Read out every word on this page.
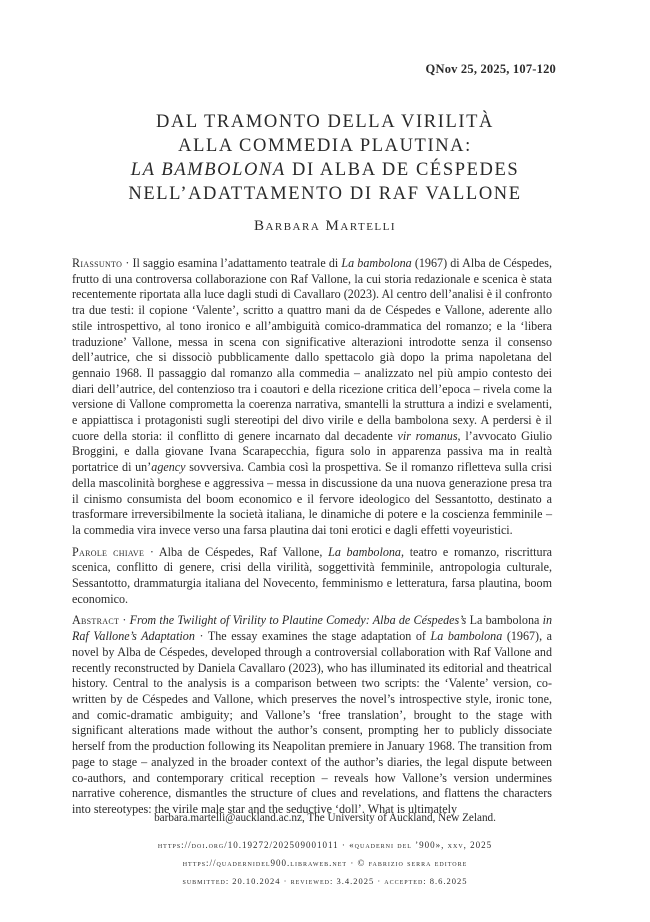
QNov 25, 2025, 107-120
DAL TRAMONTO DELLA VIRILITÀ
ALLA COMMEDIA PLAUTINA:
LA BAMBOLONA DI ALBA DE CÉSPEDES
NELL’ADATTAMENTO DI RAF VALLONE
Barbara Martelli

Riassunto · Il saggio esamina l’adattamento teatrale di La bambolona (1967) di Alba de Céspedes, frutto di una controversa collaborazione con Raf Vallone, la cui storia redazionale e scenica è stata recentemente riportata alla luce dagli studi di Cavallaro (2023). Al centro dell’analisi è il confronto tra due testi: il copione ‘Valente’, scritto a quattro mani da de Céspedes e Vallone, aderente allo stile introspettivo, al tono ironico e all’ambiguità comico-drammatica del romanzo; e la ‘libera traduzione’ Vallone, messa in scena con significative alterazioni introdotte senza il consenso dell’autrice, che si dissociò pubblicamente dallo spettacolo già dopo la prima napoletana del gennaio 1968. Il passaggio dal romanzo alla commedia – analizzato nel più ampio contesto dei diari dell’autrice, del contenzioso tra i coautori e della ricezione critica dell’epoca – rivela come la versione di Vallone comprometta la coerenza narrativa, smantelli la struttura a indizi e svelamenti, e appiattisca i protagonisti sugli stereotipi del divo virile e della bambolona sexy. A perdersi è il cuore della storia: il conflitto di genere incarnato dal decadente vir romanus, l’avvocato Giulio Broggini, e dalla giovane Ivana Scarapecchia, figura solo in apparenza passiva ma in realtà portatrice di un’agency sovversiva. Cambia così la prospettiva. Se il romanzo rifletteva sulla crisi della mascolinità borghese e aggressiva – messa in discussione da una nuova generazione presa tra il cinismo consumista del boom economico e il fervore ideologico del Sessantotto, destinato a trasformare irreversibilmente la società italiana, le dinamiche di potere e la coscienza femminile – la commedia vira invece verso una farsa plautina dai toni erotici e dagli effetti voyeuristici.

Parole chiave · Alba de Céspedes, Raf Vallone, La bambolona, teatro e romanzo, riscrittura scenica, conflitto di genere, crisi della virilità, soggettività femminile, antropologia culturale, Sessantotto, drammaturgia italiana del Novecento, femminismo e letteratura, farsa plautina, boom economico.

Abstract · From the Twilight of Virility to Plautine Comedy: Alba de Céspedes’s La bambolona in Raf Vallone’s Adaptation · The essay examines the stage adaptation of La bambolona (1967), a novel by Alba de Céspedes, developed through a controversial collaboration with Raf Vallone and recently reconstructed by Daniela Cavallaro (2023), who has illuminated its editorial and theatrical history. Central to the analysis is a comparison between two scripts: the ‘Valente’ version, co-written by de Céspedes and Vallone, which preserves the novel’s introspective style, ironic tone, and comic-dramatic ambiguity; and Vallone’s ‘free translation’, brought to the stage with significant alterations made without the author’s consent, prompting her to publicly dissociate herself from the production following its Neapolitan premiere in January 1968. The transition from page to stage – analyzed in the broader context of the author’s diaries, the legal dispute between co-authors, and contemporary critical reception – reveals how Vallone’s version undermines narrative coherence, dismantles the structure of clues and revelations, and flattens the characters into stereotypes: the virile male star and the seductive ‘doll’. What is ultimately

barbara.martelli@auckland.ac.nz, The University of Auckland, New Zeland.
https://doi.org/10.19272/202509001011 · «quaderni del ’900», xxv, 2025
https://quadernidel900.libraweb.net · © fabrizio serra editore
submitted: 20.10.2024 · reviewed: 3.4.2025 · accepted: 8.6.2025
